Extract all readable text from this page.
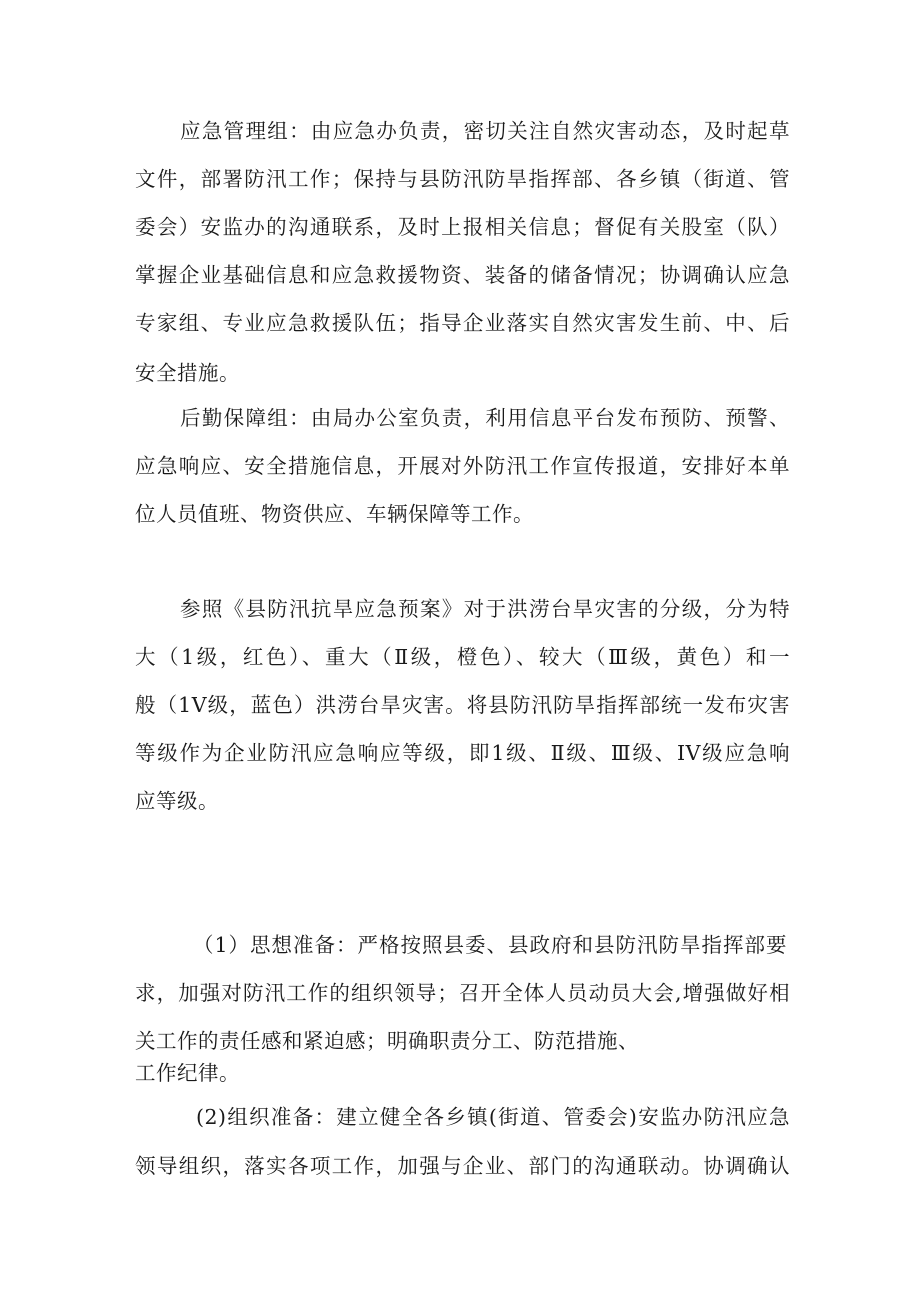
应急管理组：由应急办负责，密切关注自然灾害动态，及时起草
文件，部署防汛工作；保持与县防汛防旱指挥部、各乡镇（街道、管
委会）安监办的沟通联系，及时上报相关信息；督促有关股室（队）
掌握企业基础信息和应急救援物资、装备的储备情况；协调确认应急
专家组、专业应急救援队伍；指导企业落实自然灾害发生前、中、后
安全措施。
后勤保障组：由局办公室负责，利用信息平台发布预防、预警、
应急响应、安全措施信息，开展对外防汛工作宣传报道，安排好本单
位人员值班、物资供应、车辆保障等工作。
参照《县防汛抗旱应急预案》对于洪涝台旱灾害的分级，分为特
大（1级，红色）、重大（Ⅱ级，橙色）、较大（Ⅲ级，黄色）和一
般（1V级，蓝色）洪涝台旱灾害。将县防汛防旱指挥部统一发布灾害
等级作为企业防汛应急响应等级，即1级、Ⅱ级、Ⅲ级、IV级应急响
应等级。
（1）思想准备：严格按照县委、县政府和县防汛防旱指挥部要
求，加强对防汛工作的组织领导；召开全体人员动员大会,增强做好相
关工作的责任感和紧迫感；明确职责分工、防范措施、
工作纪律。
(2)组织准备：建立健全各乡镇(街道、管委会)安监办防汛应急
领导组织，落实各项工作，加强与企业、部门的沟通联动。协调确认
